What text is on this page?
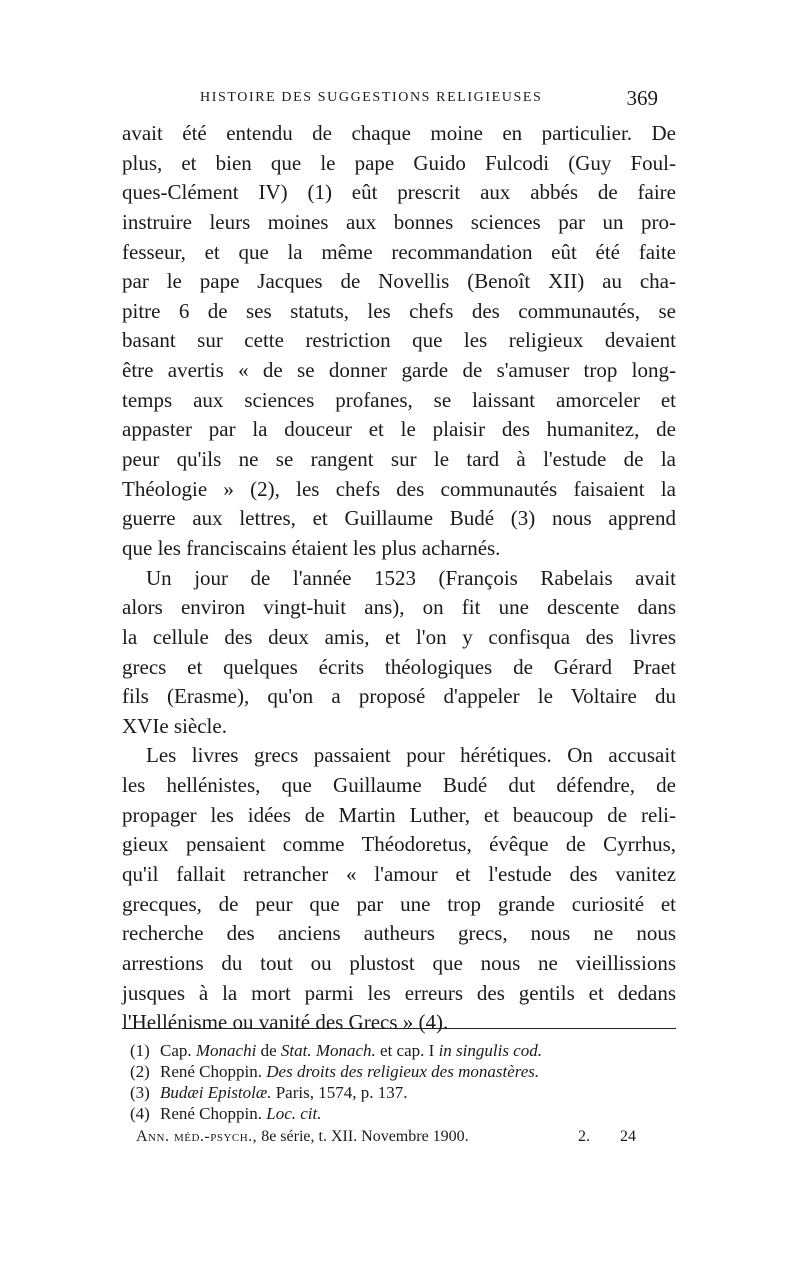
HISTOIRE DES SUGGESTIONS RELIGIEUSES	369
avait été entendu de chaque moine en particulier. De
plus, et bien que le pape Guido Fulcodi (Guy Foul-
ques-Clément IV) (1) eût prescrit aux abbés de faire
instruire leurs moines aux bonnes sciences par un pro-
fesseur, et que la même recommandation eût été faite
par le pape Jacques de Novellis (Benoît XII) au cha-
pitre 6 de ses statuts, les chefs des communautés, se
basant sur cette restriction que les religieux devaient
être avertis « de se donner garde de s'amuser trop long-
temps aux sciences profanes, se laissant amorceler et
appaster par la douceur et le plaisir des humanitez, de
peur qu'ils ne se rangent sur le tard à l'estude de la
Théologie » (2), les chefs des communautés faisaient la
guerre aux lettres, et Guillaume Budé (3) nous apprend
que les franciscains étaient les plus acharnés.
Un jour de l'année 1523 (François Rabelais avait
alors environ vingt-huit ans), on fit une descente dans
la cellule des deux amis, et l'on y confisqua des livres
grecs et quelques écrits théologiques de Gérard Praet
fils (Erasme), qu'on a proposé d'appeler le Voltaire du
XVIe siècle.
Les livres grecs passaient pour hérétiques. On accusait
les hellénistes, que Guillaume Budé dut défendre, de
propager les idées de Martin Luther, et beaucoup de reli-
gieux pensaient comme Théodoretus, évêque de Cyrrhus,
qu'il fallait retrancher « l'amour et l'estude des vanitez
grecques, de peur que par une trop grande curiosité et
recherche des anciens autheurs grecs, nous ne nous
arrestions du tout ou plustost que nous ne vieillissions
jusques à la mort parmi les erreurs des gentils et dedans
l'Hellénisme ou vanité des Grecs » (4).
(1) Cap. Monachi de Stat. Monach. et cap. I in singulis cod.
(2) René Choppin. Des droits des religieux des monastères.
(3) Budæi Epistolæ. Paris, 1574, p. 137.
(4) René Choppin. Loc. cit.
Ann. méd.-psych., 8e série, t. XII. Novembre 1900.	2. 24
